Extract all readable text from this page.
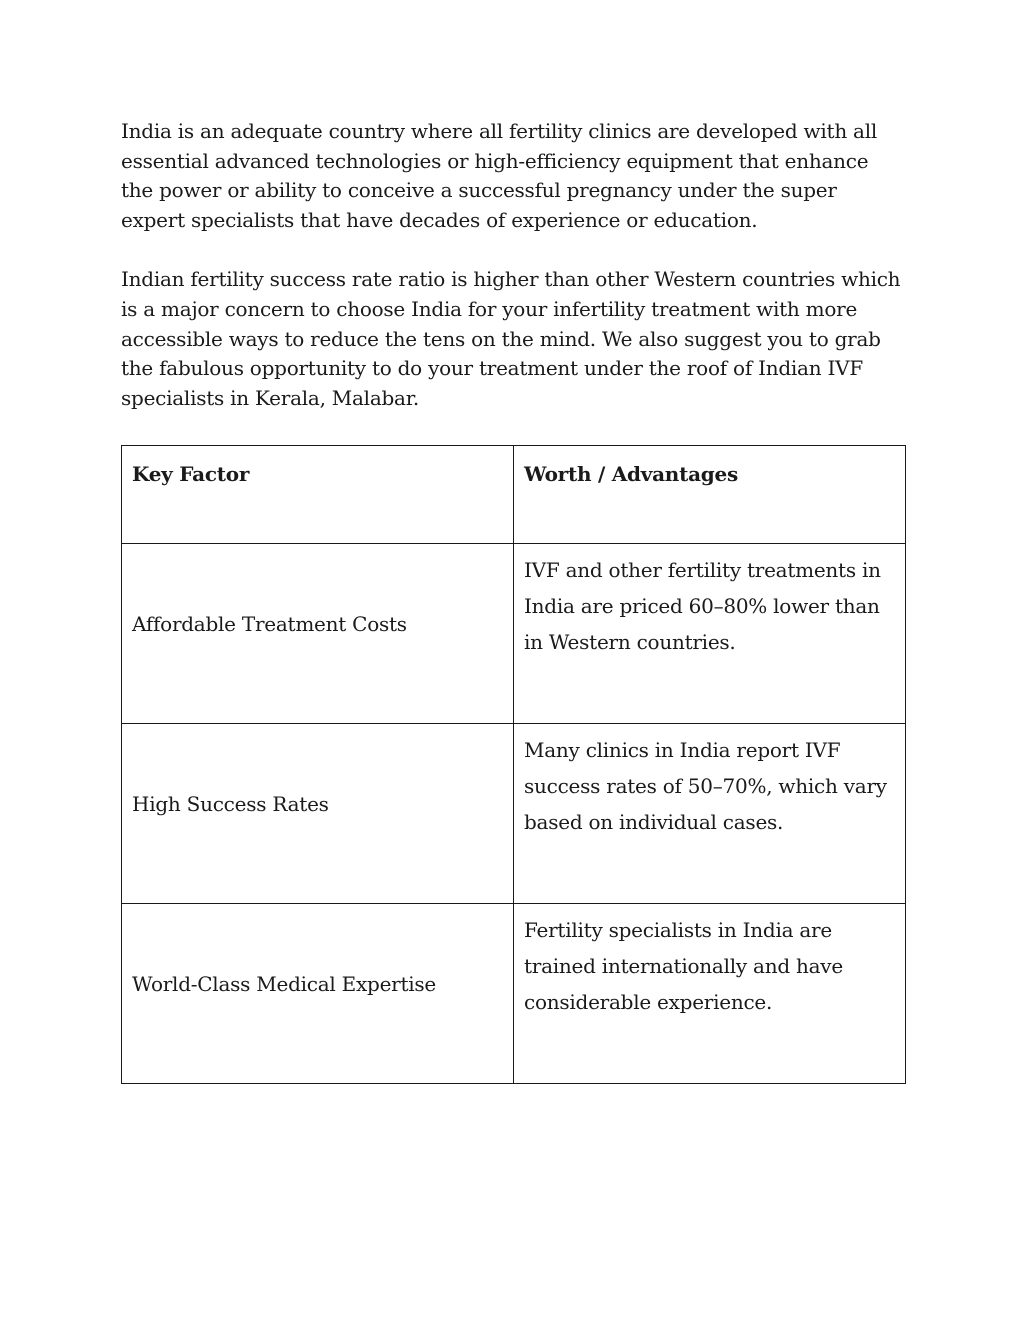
India is an adequate country where all fertility clinics are developed with all essential advanced technologies or high-efficiency equipment that enhance the power or ability to conceive a successful pregnancy under the super expert specialists that have decades of experience or education.

Indian fertility success rate ratio is higher than other Western countries which is a major concern to choose India for your infertility treatment with more accessible ways to reduce the tens on the mind. We also suggest you to grab the fabulous opportunity to do your treatment under the roof of Indian IVF specialists in Kerala, Malabar.

Key Factor	Worth / Advantages
Affordable Treatment Costs	IVF and other fertility treatments in India are priced 60–80% lower than in Western countries.
High Success Rates	Many clinics in India report IVF success rates of 50–70%, which vary based on individual cases.
World-Class Medical Expertise	Fertility specialists in India are trained internationally and have considerable experience.
